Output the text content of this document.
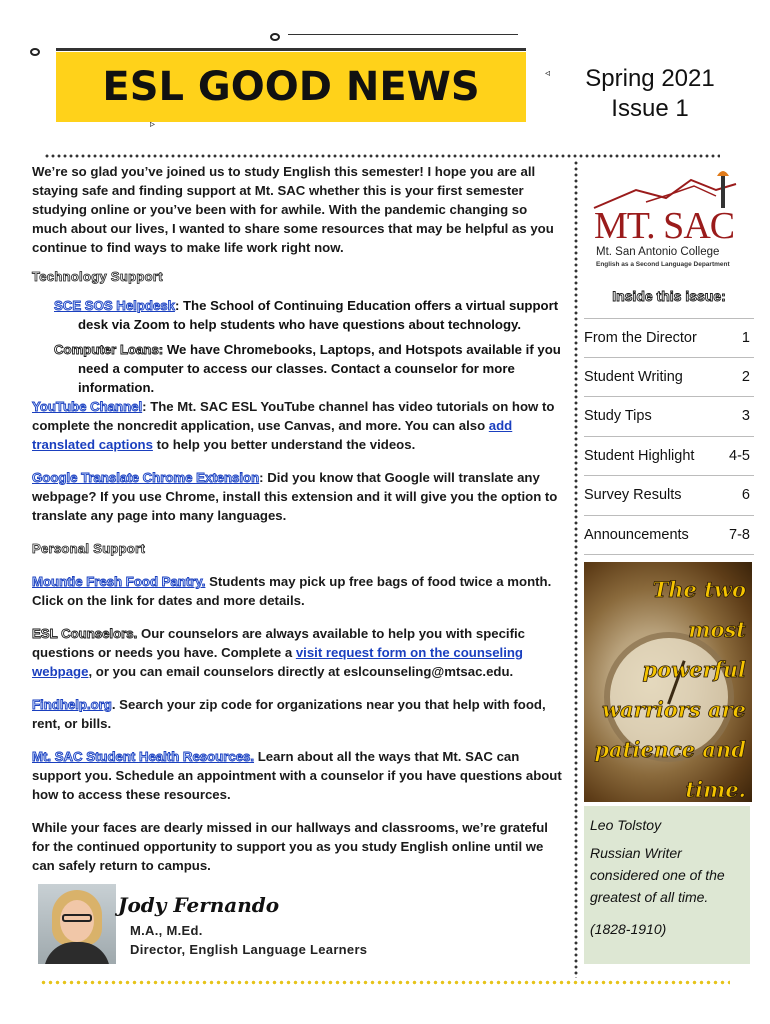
ESL GOOD NEWS	◃
▹
Spring 2021
Issue 1

We’re so glad you’ve joined us to study English this semester! I hope you are all staying safe and finding support at Mt. SAC whether this is your first semester studying online or you’ve been with for awhile. With the pandemic changing so much about our lives, I wanted to share some resources that may be helpful as you continue to find ways to make life work right now.

Technology Support

SCE SOS Helpdesk: The School of Continuing Education offers a virtual support desk via Zoom to help students who have questions about technology.

Computer Loans: We have Chromebooks, Laptops, and Hotspots available if you need a computer to access our classes. Contact a counselor for more information.

YouTube Channel: The Mt. SAC ESL YouTube channel has video tutorials on how to complete the noncredit application, use Canvas, and more. You can also add translated captions to help you better understand the videos.

Google Translate Chrome Extension: Did you know that Google will translate any webpage? If you use Chrome, install this extension and it will give you the option to translate any page into many languages.

Personal Support

Mountie Fresh Food Pantry. Students may pick up free bags of food twice a month. Click on the link for dates and more details.

ESL Counselors. Our counselors are always available to help you with specific questions or needs you have. Complete a visit request form on the counseling webpage, or you can email counselors directly at eslcounseling@mtsac.edu.

Findhelp.org. Search your zip code for organizations near you that help with food, rent, or bills.

Mt. SAC Student Health Resources. Learn about all the ways that Mt. SAC can support you. Schedule an appointment with a counselor if you have questions about how to access these resources.

While your faces are dearly missed in our hallways and classrooms, we’re grateful for the continued opportunity to support you as you study English online until we can safely return to campus.

Jody Fernando
M.A., M.Ed.
Director, English Language Learners
MT. SAC
Mt. San Antonio College
English as a Second Language Department
Inside this issue:
From the Director	1
Student Writing	2
Study Tips	3
Student Highlight 4-5
Survey Results	6
Announcements	7-8
The two most powerful warriors are patience and time.
Leo Tolstoy
Russian Writer considered one of the greatest of all time.
(1828-1910)
